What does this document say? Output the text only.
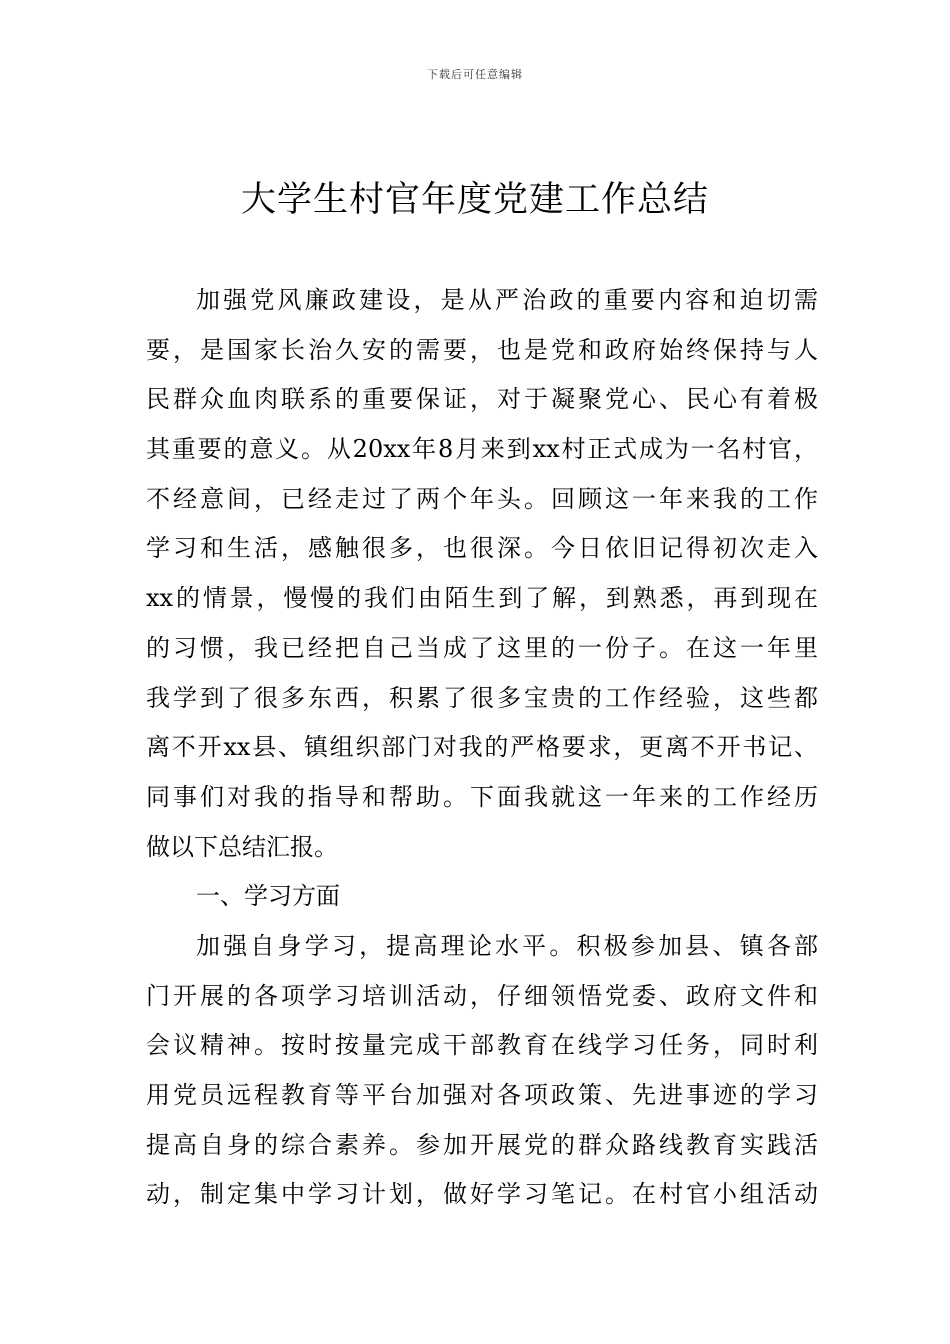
下载后可任意编辑
大学生村官年度党建工作总结
加强党风廉政建设，是从严治政的重要内容和迫切需
要，是国家长治久安的需要，也是党和政府始终保持与人
民群众血肉联系的重要保证，对于凝聚党心、民心有着极
其重要的意义。从20xx年8月来到xx村正式成为一名村官，
不经意间，已经走过了两个年头。回顾这一年来我的工作
学习和生活，感触很多，也很深。今日依旧记得初次走入
xx的情景，慢慢的我们由陌生到了解，到熟悉，再到现在
的习惯，我已经把自己当成了这里的一份子。在这一年里
我学到了很多东西，积累了很多宝贵的工作经验，这些都
离不开xx县、镇组织部门对我的严格要求，更离不开书记、
同事们对我的指导和帮助。下面我就这一年来的工作经历
做以下总结汇报。
一、学习方面
加强自身学习，提高理论水平。积极参加县、镇各部
门开展的各项学习培训活动，仔细领悟党委、政府文件和
会议精神。按时按量完成干部教育在线学习任务，同时利
用党员远程教育等平台加强对各项政策、先进事迹的学习
提高自身的综合素养。参加开展党的群众路线教育实践活
动，制定集中学习计划，做好学习笔记。在村官小组活动
